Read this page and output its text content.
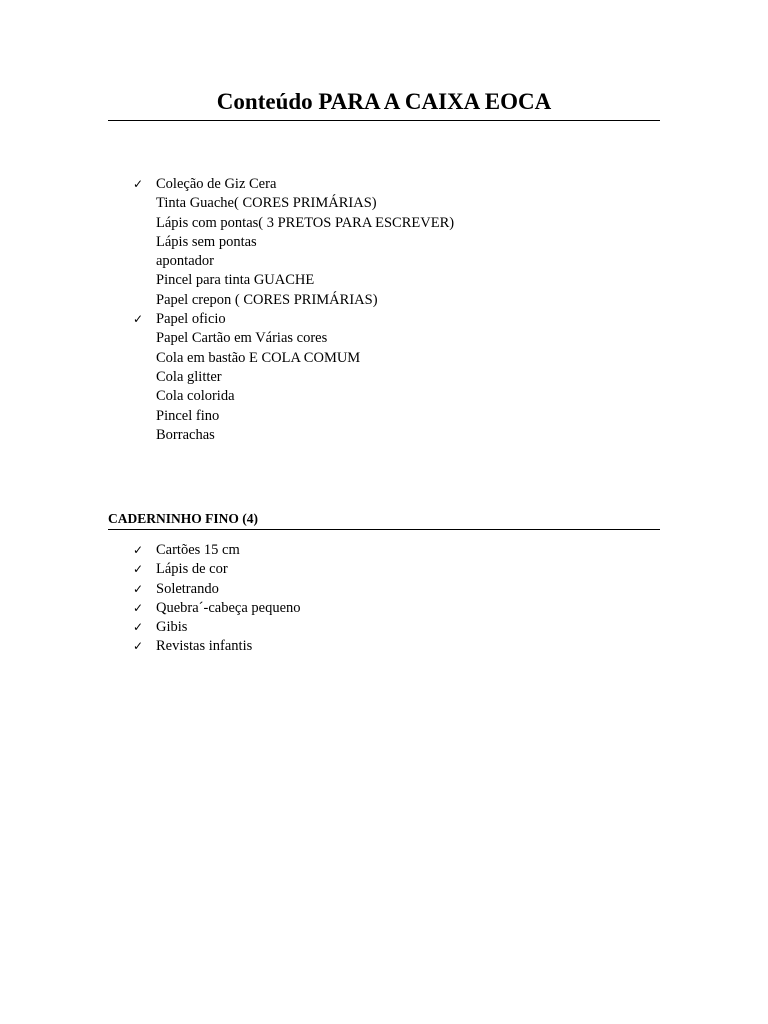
Conteúdo PARA A CAIXA EOCA
✓ Coleção de Giz Cera
Tinta Guache( CORES PRIMÁRIAS)
Lápis com pontas( 3 PRETOS PARA ESCREVER)
Lápis sem pontas
apontador
Pincel para tinta GUACHE
Papel crepon ( CORES PRIMÁRIAS)
✓ Papel oficio
Papel Cartão em Várias cores
Cola em bastão E COLA COMUM
Cola glitter
Cola colorida
Pincel fino
Borrachas
CADERNINHO FINO (4)
✓ Cartões 15 cm
✓ Lápis de cor
✓ Soletrando
✓ Quebra´-cabeça pequeno
✓ Gibis
✓ Revistas infantis
